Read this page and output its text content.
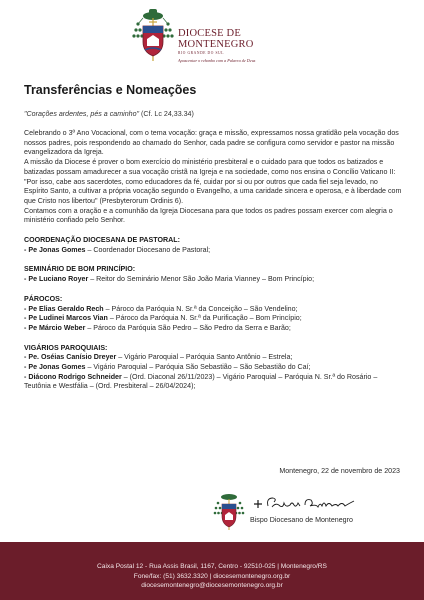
DIOCESE DE
MONTENEGRO
RIO GRANDE DO SUL
Apascentar o rebanho com a Palavra de Deus
Transferências e Nomeações
"Corações ardentes, pés a caminho" (Cf. Lc 24,33.34)

Celebrando o 3º Ano Vocacional, com o tema vocação: graça e missão, expressamos nossa gratidão pela vocação dos nossos padres, pois respondendo ao chamado do Senhor, cada padre se configura como servidor e pastor na missão evangelizadora da Igreja.

A missão da Diocese é prover o bom exercício do ministério presbiteral e o cuidado para que todos os batizados e batizadas possam amadurecer a sua vocação cristã na Igreja e na sociedade, como nos ensina o Concílio Vaticano II: "Por isso, cabe aos sacerdotes, como educadores da fé, cuidar por si ou por outros que cada fiel seja levado, no Espírito Santo, a cultivar a própria vocação segundo o Evangelho, a uma caridade sincera e operosa, e à liberdade com que Cristo nos libertou" (Presbyterorum Ordinis 6).

Contamos com a oração e a comunhão da Igreja Diocesana para que todos os padres possam exercer com alegria o ministério confiado pelo Senhor.

COORDENAÇÃO DIOCESANA DE PASTORAL:
- Pe Jonas Gomes – Coordenador Diocesano de Pastoral;
SEMINÁRIO DE BOM PRINCÍPIO:
- Pe Luciano Royer – Reitor do Seminário Menor São João Maria Vianney – Bom Princípio;
PÁROCOS:
- Pe Elias Geraldo Rech – Pároco da Paróquia N. Sr.ª da Conceição – São Vendelino;
- Pe Ludinei Marcos Vian – Pároco da Paróquia N. Sr.ª da Purificação – Bom Princípio;
- Pe Márcio Weber – Pároco da Paróquia São Pedro – São Pedro da Serra e Barão;
VIGÁRIOS PAROQUIAIS:
- Pe. Oséias Canísio Dreyer – Vigário Paroquial – Paróquia Santo Antônio – Estrela;
- Pe Jonas Gomes – Vigário Paroquial – Paróquia São Sebastião – São Sebastião do Caí;
- Diácono Rodrigo Schneider – (Ord. Diaconal 26/11/2023) – Vigário Paroquial – Paróquia N. Sr.ª do Rosário – Teutônia e Westfália – (Ord. Presbiteral – 26/04/2024);
Montenegro, 22 de novembro de 2023
Bispo Diocesano de Montenegro
Caixa Postal 12 - Rua Assis Brasil, 1167, Centro - 92510-025 | Montenegro/RS
Fone/fax: (51) 3632.3320 | diocesemontenegro.org.br
diocesemontenegro@diocesemontenegro.org.br
